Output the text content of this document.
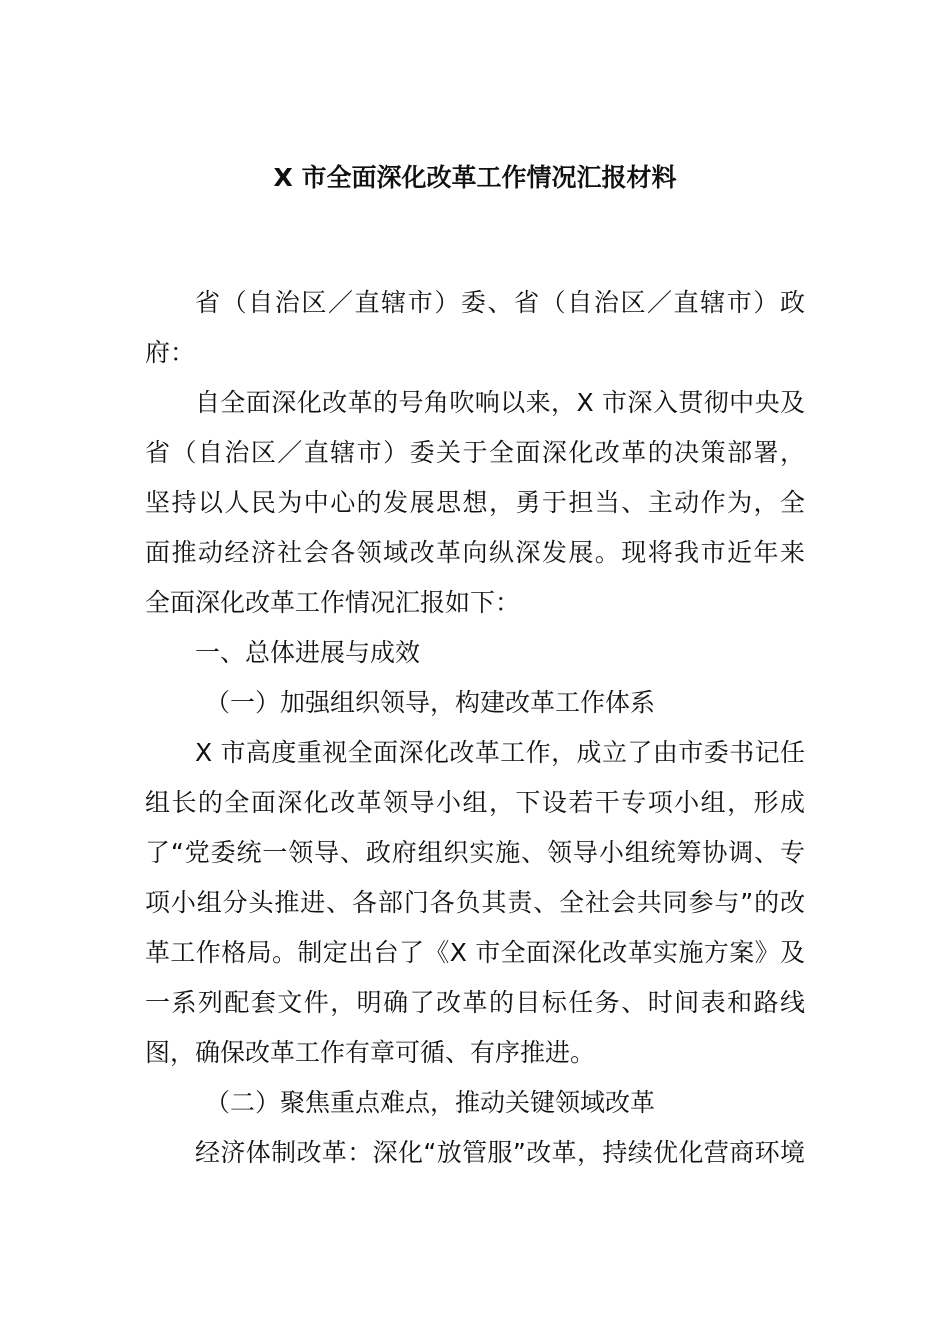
X 市全面深化改革工作情况汇报材料
省（自治区／直辖市）委、省（自治区／直辖市）政
府：
自全面深化改革的号角吹响以来，X 市深入贯彻中央及
省（自治区／直辖市）委关于全面深化改革的决策部署，
坚持以人民为中心的发展思想，勇于担当、主动作为，全
面推动经济社会各领域改革向纵深发展。现将我市近年来
全面深化改革工作情况汇报如下：
一、总体进展与成效
（一）加强组织领导，构建改革工作体系
X 市高度重视全面深化改革工作，成立了由市委书记任
组长的全面深化改革领导小组，下设若干专项小组，形成
了“党委统一领导、政府组织实施、领导小组统筹协调、专
项小组分头推进、各部门各负其责、全社会共同参与”的改
革工作格局。制定出台了《X 市全面深化改革实施方案》及
一系列配套文件，明确了改革的目标任务、时间表和路线
图，确保改革工作有章可循、有序推进。
（二）聚焦重点难点，推动关键领域改革
经济体制改革：深化“放管服”改革，持续优化营商环境
